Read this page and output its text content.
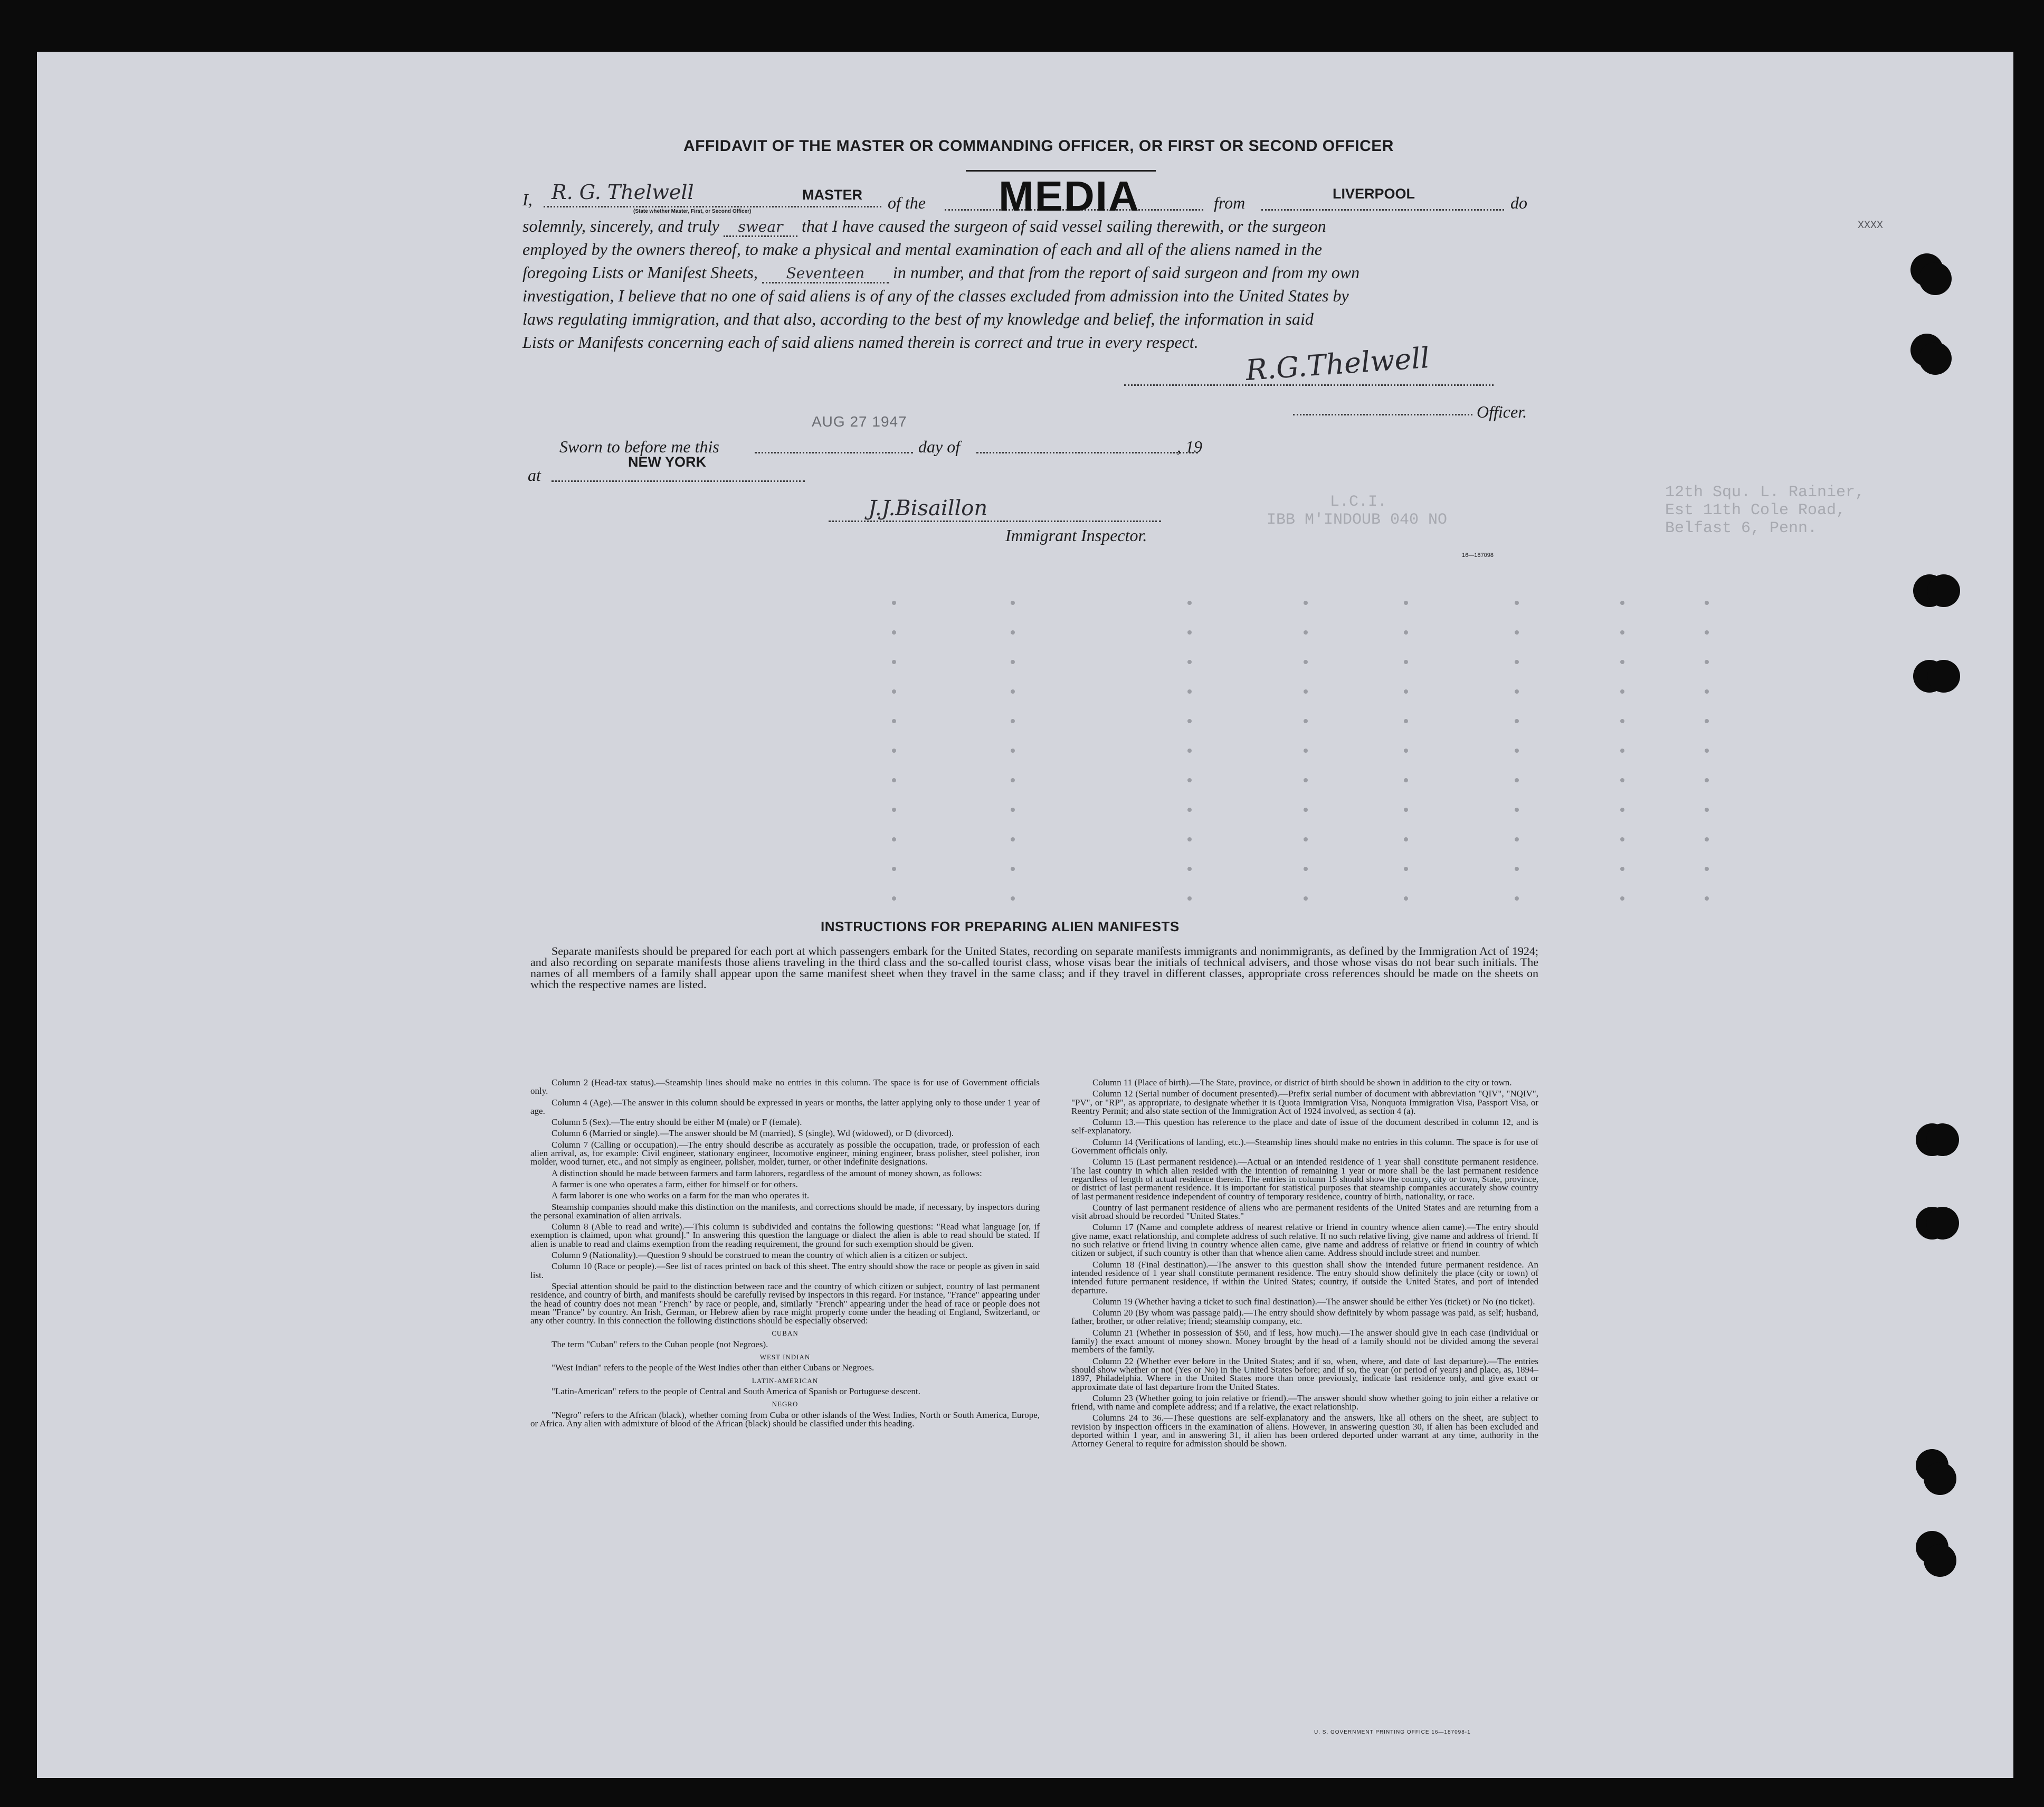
XXXX
12th Squ. L. Rainier,
Est 11th Cole Road,
Belfast 6, Penn.
IBB M'INDOUB 040 NO
L.C.I.
AFFIDAVIT OF THE MASTER OR COMMANDING OFFICER, OR FIRST OR SECOND OFFICER
I, R. G. Thelwell	MASTER
(State whether Master, First, or Second Officer)	of the MEDIA	from	LIVERPOOL	do
solemnly, sincerely, and truly swear that I have caused the surgeon of said vessel sailing therewith, or the surgeon
employed by the owners thereof, to make a physical and mental examination of each and all of the aliens named in the
foregoing Lists or Manifest Sheets, Seventeen in number, and that from the report of said surgeon and from my own
investigation, I believe that no one of said aliens is of any of the classes excluded from admission into the United States by
laws regulating immigration, and that also, according to the best of my knowledge and belief, the information in said
Lists or Manifests concerning each of said aliens named therein is correct and true in every respect. R.G.Thelwell
Officer.
AUG 27 1947
Sworn to before me this	day of	, 19
NEW YORK
at
J.J.Bisaillon
Immigrant Inspector.
16—187098
INSTRUCTIONS FOR PREPARING ALIEN MANIFESTS

Separate manifests should be prepared for each port at which passengers embark for the United States, recording on separate manifests immigrants and nonimmigrants, as defined by the Immigration Act of 1924; and also recording on separate manifests those aliens traveling in the third class and the so-called tourist class, whose visas bear the initials of technical advisers, and those whose visas do not bear such initials. The names of all members of a family shall appear upon the same manifest sheet when they travel in the same class; and if they travel in different classes, appropriate cross references should be made on the sheets on which the respective names are listed.

Column 2 (Head-tax status).—Steamship lines should make no entries in this column. The space is for use of Government officials only.

Column 4 (Age).—The answer in this column should be expressed in years or months, the latter applying only to those under 1 year of age.

Column 5 (Sex).—The entry should be either M (male) or F (female).

Column 6 (Married or single).—The answer should be M (married), S (single), Wd (widowed), or D (divorced).

Column 7 (Calling or occupation).—The entry should describe as accurately as possible the occupation, trade, or profession of each alien arrival, as, for example: Civil engineer, stationary engineer, locomotive engineer, mining engineer, brass polisher, steel polisher, iron molder, wood turner, etc., and not simply as engineer, polisher, molder, turner, or other indefinite designations.

A distinction should be made between farmers and farm laborers, regardless of the amount of money shown, as follows:

A farmer is one who operates a farm, either for himself or for others.

A farm laborer is one who works on a farm for the man who operates it.

Steamship companies should make this distinction on the manifests, and corrections should be made, if necessary, by inspectors during the personal examination of alien arrivals.

Column 8 (Able to read and write).—This column is subdivided and contains the following questions: "Read what language [or, if exemption is claimed, upon what ground]." In answering this question the language or dialect the alien is able to read should be stated. If alien is unable to read and claims exemption from the reading requirement, the ground for such exemption should be given.

Column 9 (Nationality).—Question 9 should be construed to mean the country of which alien is a citizen or subject.

Column 10 (Race or people).—See list of races printed on back of this sheet. The entry should show the race or people as given in said list.

Special attention should be paid to the distinction between race and the country of which citizen or subject, country of last permanent residence, and country of birth, and manifests should be carefully revised by inspectors in this regard. For instance, "France" appearing under the head of country does not mean "French" by race or people, and, similarly "French" appearing under the head of race or people does not mean "France" by country. An Irish, German, or Hebrew alien by race might properly come under the heading of England, Switzerland, or any other country. In this connection the following distinctions should be especially observed:

CUBAN

The term "Cuban" refers to the Cuban people (not Negroes).

WEST INDIAN

"West Indian" refers to the people of the West Indies other than either Cubans or Negroes.

LATIN-AMERICAN

"Latin-American" refers to the people of Central and South America of Spanish or Portuguese descent.

NEGRO

"Negro" refers to the African (black), whether coming from Cuba or other islands of the West Indies, North or South America, Europe, or Africa. Any alien with admixture of blood of the African (black) should be classified under this heading.

Column 11 (Place of birth).—The State, province, or district of birth should be shown in addition to the city or town.

Column 12 (Serial number of document presented).—Prefix serial number of document with abbreviation "QIV", "NQIV", "PV", or "RP", as appropriate, to designate whether it is Quota Immigration Visa, Nonquota Immigration Visa, Passport Visa, or Reentry Permit; and also state section of the Immigration Act of 1924 involved, as section 4 (a).

Column 13.—This question has reference to the place and date of issue of the document described in column 12, and is self-explanatory.

Column 14 (Verifications of landing, etc.).—Steamship lines should make no entries in this column. The space is for use of Government officials only.

Column 15 (Last permanent residence).—Actual or an intended residence of 1 year shall constitute permanent residence. The last country in which alien resided with the intention of remaining 1 year or more shall be the last permanent residence regardless of length of actual residence therein. The entries in column 15 should show the country, city or town, State, province, or district of last permanent residence. It is important for statistical purposes that steamship companies accurately show country of last permanent residence independent of country of temporary residence, country of birth, nationality, or race.

Country of last permanent residence of aliens who are permanent residents of the United States and are returning from a visit abroad should be recorded "United States."

Column 17 (Name and complete address of nearest relative or friend in country whence alien came).—The entry should give name, exact relationship, and complete address of such relative. If no such relative living, give name and address of friend. If no such relative or friend living in country whence alien came, give name and address of relative or friend in country of which citizen or subject, if such country is other than that whence alien came. Address should include street and number.

Column 18 (Final destination).—The answer to this question shall show the intended future permanent residence. An intended residence of 1 year shall constitute permanent residence. The entry should show definitely the place (city or town) of intended future permanent residence, if within the United States; country, if outside the United States, and port of intended departure.

Column 19 (Whether having a ticket to such final destination).—The answer should be either Yes (ticket) or No (no ticket).

Column 20 (By whom was passage paid).—The entry should show definitely by whom passage was paid, as self; husband, father, brother, or other relative; friend; steamship company, etc.

Column 21 (Whether in possession of $50, and if less, how much).—The answer should give in each case (individual or family) the exact amount of money shown. Money brought by the head of a family should not be divided among the several members of the family.

Column 22 (Whether ever before in the United States; and if so, when, where, and date of last departure).—The entries should show whether or not (Yes or No) in the United States before; and if so, the year (or period of years) and place, as, 1894–1897, Philadelphia. Where in the United States more than once previously, indicate last residence only, and give exact or approximate date of last departure from the United States.

Column 23 (Whether going to join relative or friend).—The answer should show whether going to join either a relative or friend, with name and complete address; and if a relative, the exact relationship.

Columns 24 to 36.—These questions are self-explanatory and the answers, like all others on the sheet, are subject to revision by inspection officers in the examination of aliens. However, in answering question 30, if alien has been excluded and deported within 1 year, and in answering 31, if alien has been ordered deported under warrant at any time, authority in the Attorney General to require for admission should be shown.

U. S. GOVERNMENT PRINTING OFFICE 16—187098-1
